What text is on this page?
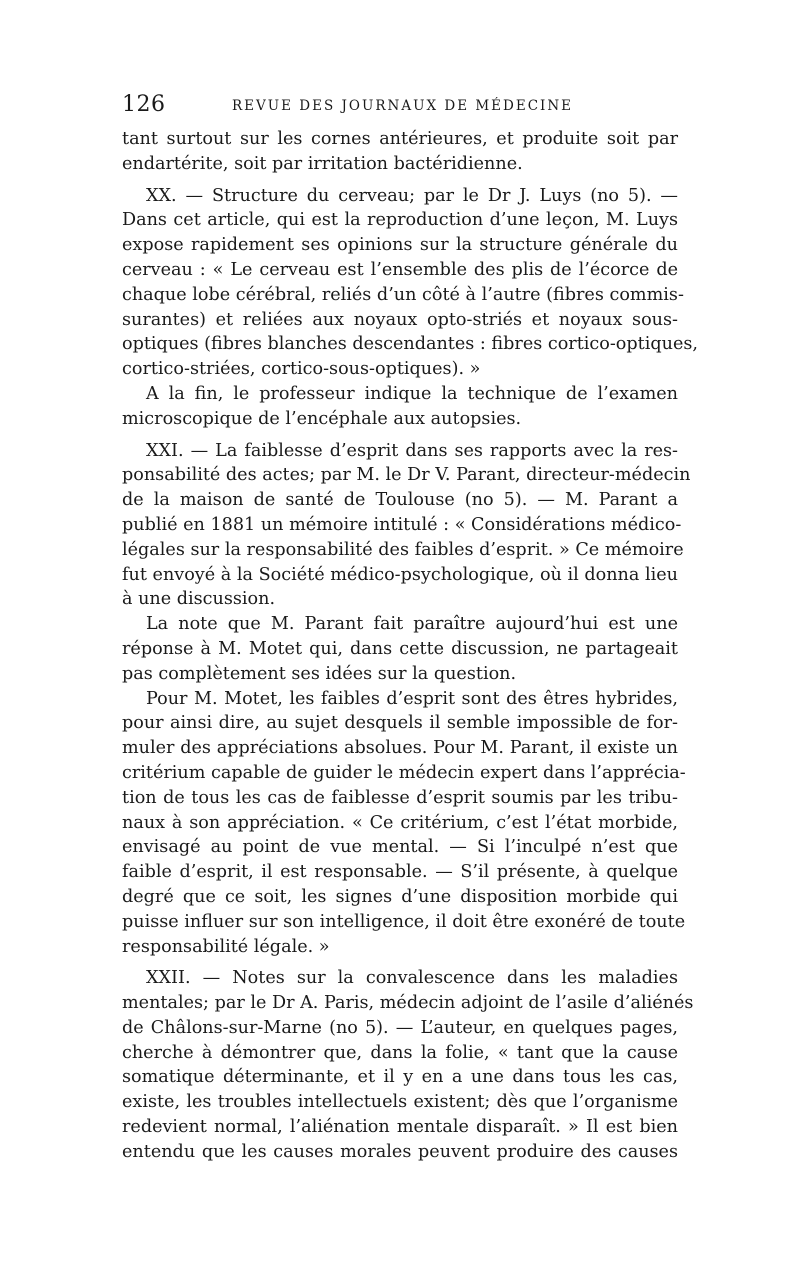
126	REVUE DES JOURNAUX DE MÉDECINE
tant surtout sur les cornes antérieures, et produite soit par
endartérite, soit par irritation bactéridienne.
XX. — Structure du cerveau; par le Dr J. Luys (no 5). —
Dans cet article, qui est la reproduction d’une leçon, M. Luys
expose rapidement ses opinions sur la structure générale du
cerveau : « Le cerveau est l’ensemble des plis de l’écorce de
chaque lobe cérébral, reliés d’un côté à l’autre (fibres commis-
surantes) et reliées aux noyaux opto-striés et noyaux sous-
optiques (fibres blanches descendantes : fibres cortico-optiques,
cortico-striées, cortico-sous-optiques). »
A la fin, le professeur indique la technique de l’examen
microscopique de l’encéphale aux autopsies.
XXI. — La faiblesse d’esprit dans ses rapports avec la res-
ponsabilité des actes; par M. le Dr V. Parant, directeur-médecin
de la maison de santé de Toulouse (no 5). — M. Parant a
publié en 1881 un mémoire intitulé : « Considérations médico-
légales sur la responsabilité des faibles d’esprit. » Ce mémoire
fut envoyé à la Société médico-psychologique, où il donna lieu
à une discussion.
La note que M. Parant fait paraître aujourd’hui est une
réponse à M. Motet qui, dans cette discussion, ne partageait
pas complètement ses idées sur la question.
Pour M. Motet, les faibles d’esprit sont des êtres hybrides,
pour ainsi dire, au sujet desquels il semble impossible de for-
muler des appréciations absolues. Pour M. Parant, il existe un
critérium capable de guider le médecin expert dans l’apprécia-
tion de tous les cas de faiblesse d’esprit soumis par les tribu-
naux à son appréciation. « Ce critérium, c’est l’état morbide,
envisagé au point de vue mental. — Si l’inculpé n’est que
faible d’esprit, il est responsable. — S’il présente, à quelque
degré que ce soit, les signes d’une disposition morbide qui
puisse influer sur son intelligence, il doit être exonéré de toute
responsabilité légale. »
XXII. — Notes sur la convalescence dans les maladies
mentales; par le Dr A. Paris, médecin adjoint de l’asile d’aliénés
de Châlons-sur-Marne (no 5). — L’auteur, en quelques pages,
cherche à démontrer que, dans la folie, « tant que la cause
somatique déterminante, et il y en a une dans tous les cas,
existe, les troubles intellectuels existent; dès que l’organisme
redevient normal, l’aliénation mentale disparaît. » Il est bien
entendu que les causes morales peuvent produire des causes
